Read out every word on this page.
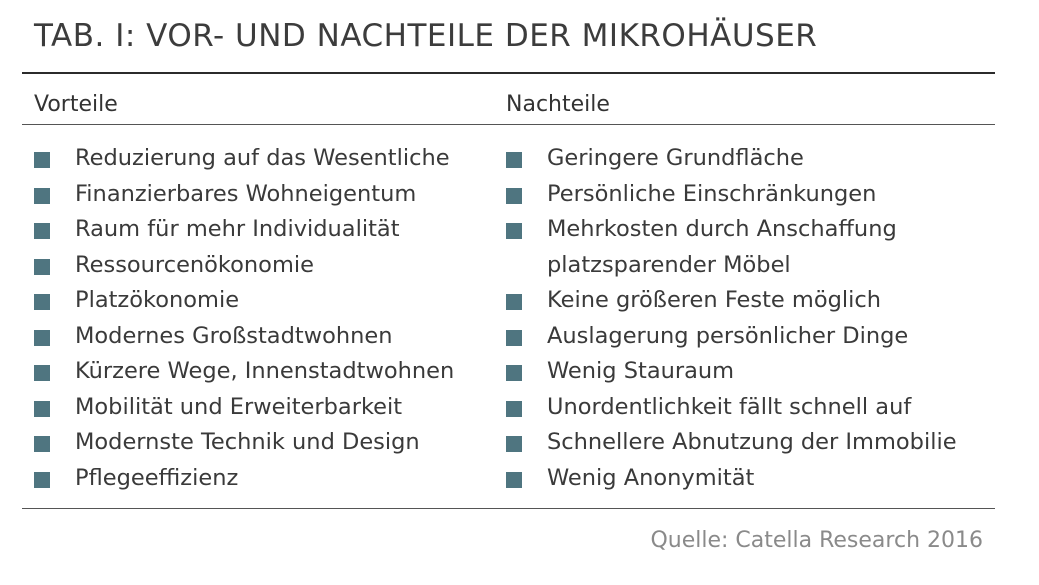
TAB. I: VOR- UND NACHTEILE DER MIKROHÄUSER
Vorteile	Nachteile
Reduzierung auf das Wesentliche
Finanzierbares Wohneigentum
Raum für mehr Individualität
Ressourcenökonomie
Platzökonomie
Modernes Großstadtwohnen
Kürzere Wege, Innenstadtwohnen
Mobilität und Erweiterbarkeit
Modernste Technik und Design
Pflegeeffizienz
Geringere Grundfläche
Persönliche Einschränkungen
Mehrkosten durch Anschaffung
platzsparender Möbel
Keine größeren Feste möglich
Auslagerung persönlicher Dinge
Wenig Stauraum
Unordentlichkeit fällt schnell auf
Schnellere Abnutzung der Immobilie
Wenig Anonymität
Quelle: Catella Research 2016
